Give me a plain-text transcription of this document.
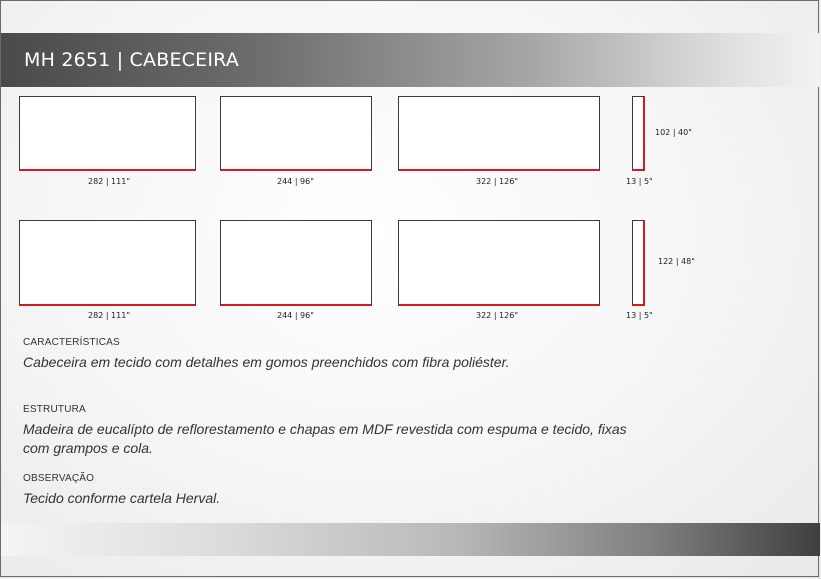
MH 2651 | CABECEIRA
282 | 111"	244 | 96"	322 | 126"	13 | 5"
102 | 40"
282 | 111"	244 | 96"	322 | 126"	13 | 5"
122 | 48"
CARACTERÍSTICAS
Cabeceira em tecido com detalhes em gomos preenchidos com fibra poliéster.
ESTRUTURA
Madeira de eucalípto de reflorestamento e chapas em MDF revestida com espuma e tecido, fixas com grampos e cola.
OBSERVAÇÃO
Tecido conforme cartela Herval.
